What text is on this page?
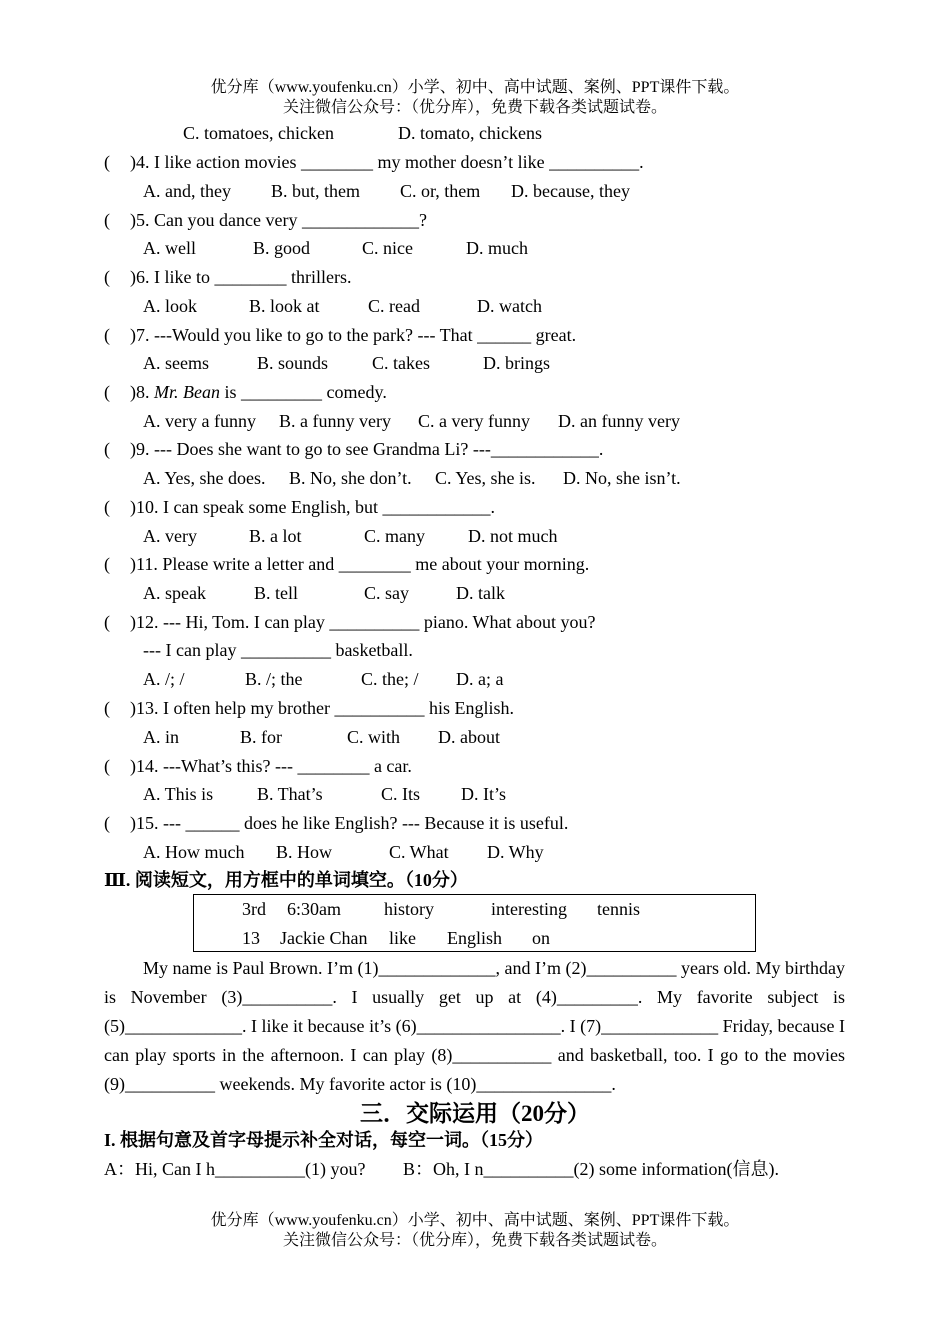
优分库（www.youfenku.cn）小学、初中、高中试题、案例、PPT课件下载。
关注微信公众号：（优分库），免费下载各类试题试卷。
C. tomatoes, chicken	D. tomato, chickens
( )4. I like action movies ________ my mother doesn’t like __________.
A. and, they B. but, them C. or, them D. because, they
( )5. Can you dance very _____________?
A. well	B. good	C. nice	D. much
( )6. I like to ________ thrillers.
A. look	B. look at	C. read	D. watch
( )7. ---Would you like to go to the park? --- That ______ great.
A. seems	B. sounds C. takes	D. brings
( )8. Mr. Bean is _________ comedy.
A. very a funny B. a funny very C. a very funny D. an funny very
( )9. --- Does she want to go to see Grandma Li? ---____________.
A. Yes, she does. B. No, she don’t. C. Yes, she is. D. No, she isn’t.
( )10. I can speak some English, but ____________.
A. very	B. a lot	C. many D. not much
( )11. Please write a letter and ________ me about your morning.
A. speak	B. tell	C. say	D. talk
( )12. --- Hi, Tom. I can play __________ piano. What about you?
--- I can play __________ basketball.
A. /; /	B. /; the	C. the; / D. a; a
( )13. I often help my brother __________ his English.
A. in	B. for	C. with D. about
( )14. ---What’s this? --- ________ a car.
A. This is B. That’s	C. Its D. It’s
( )15. --- ______ does he like English? --- Because it is useful.
A. How much B. How	C. What D. Why
Ⅲ. 阅读短文，用方框中的单词填空。（10分）
3rd 6:30am history	interesting tennis
13 Jackie Chan like English on
My name is Paul Brown. I’m (1)_____________, and I’m (2)__________ years old. My birthday is November (3)__________. I usually get up at (4)_________. My favorite subject is (5)_____________. I like it because it’s (6)________________. I (7)_____________ Friday, because I can play sports in the afternoon. I can play (8)___________ and basketball, too. I go to the movies (9)__________ weekends. My favorite actor is (10)_______________.
三．交际运用（20分）
I. 根据句意及首字母提示补全对话，每空一词。（15分）
A：Hi, Can I h__________(1) you? B：Oh, I n__________(2) some information(信息).
优分库（www.youfenku.cn）小学、初中、高中试题、案例、PPT课件下载。
关注微信公众号：（优分库），免费下载各类试题试卷。
